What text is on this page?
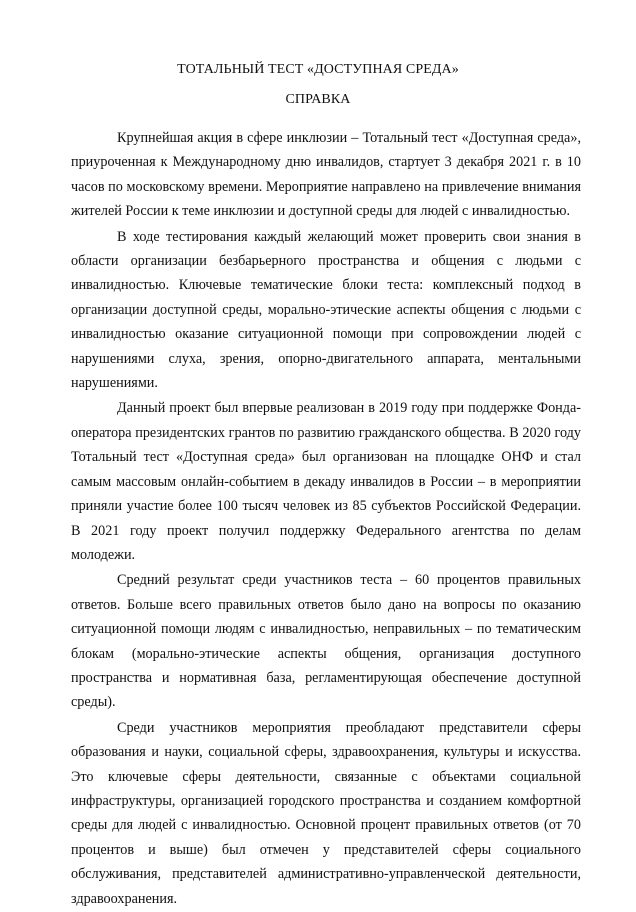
ТОТАЛЬНЫЙ ТЕСТ «ДОСТУПНАЯ СРЕДА»
СПРАВКА

Крупнейшая акция в сфере инклюзии – Тотальный тест «Доступная среда», приуроченная к Международному дню инвалидов, стартует 3 декабря 2021 г. в 10 часов по московскому времени. Мероприятие направлено на привлечение внимания жителей России к теме инклюзии и доступной среды для людей с инвалидностью.

В ходе тестирования каждый желающий может проверить свои знания в области организации безбарьерного пространства и общения с людьми с инвалидностью. Ключевые тематические блоки теста: комплексный подход в организации доступной среды, морально-этические аспекты общения с людьми с инвалидностью оказание ситуационной помощи при сопровождении людей с нарушениями слуха, зрения, опорно-двигательного аппарата, ментальными нарушениями.

Данный проект был впервые реализован в 2019 году при поддержке Фонда-оператора президентских грантов по развитию гражданского общества. В 2020 году Тотальный тест «Доступная среда» был организован на площадке ОНФ и стал самым массовым онлайн-событием в декаду инвалидов в России – в мероприятии приняли участие более 100 тысяч человек из 85 субъектов Российской Федерации. В 2021 году проект получил поддержку Федерального агентства по делам молодежи.

Средний результат среди участников теста – 60 процентов правильных ответов. Больше всего правильных ответов было дано на вопросы по оказанию ситуационной помощи людям с инвалидностью, неправильных – по тематическим блокам (морально-этические аспекты общения, организация доступного пространства и нормативная база, регламентирующая обеспечение доступной среды).

Среди участников мероприятия преобладают представители сферы образования и науки, социальной сферы, здравоохранения, культуры и искусства. Это ключевые сферы деятельности, связанные с объектами социальной инфраструктуры, организацией городского пространства и созданием комфортной среды для людей с инвалидностью. Основной процент правильных ответов (от 70 процентов и выше) был отмечен у представителей сферы социального обслуживания, представителей административно-управленческой деятельности, здравоохранения.
